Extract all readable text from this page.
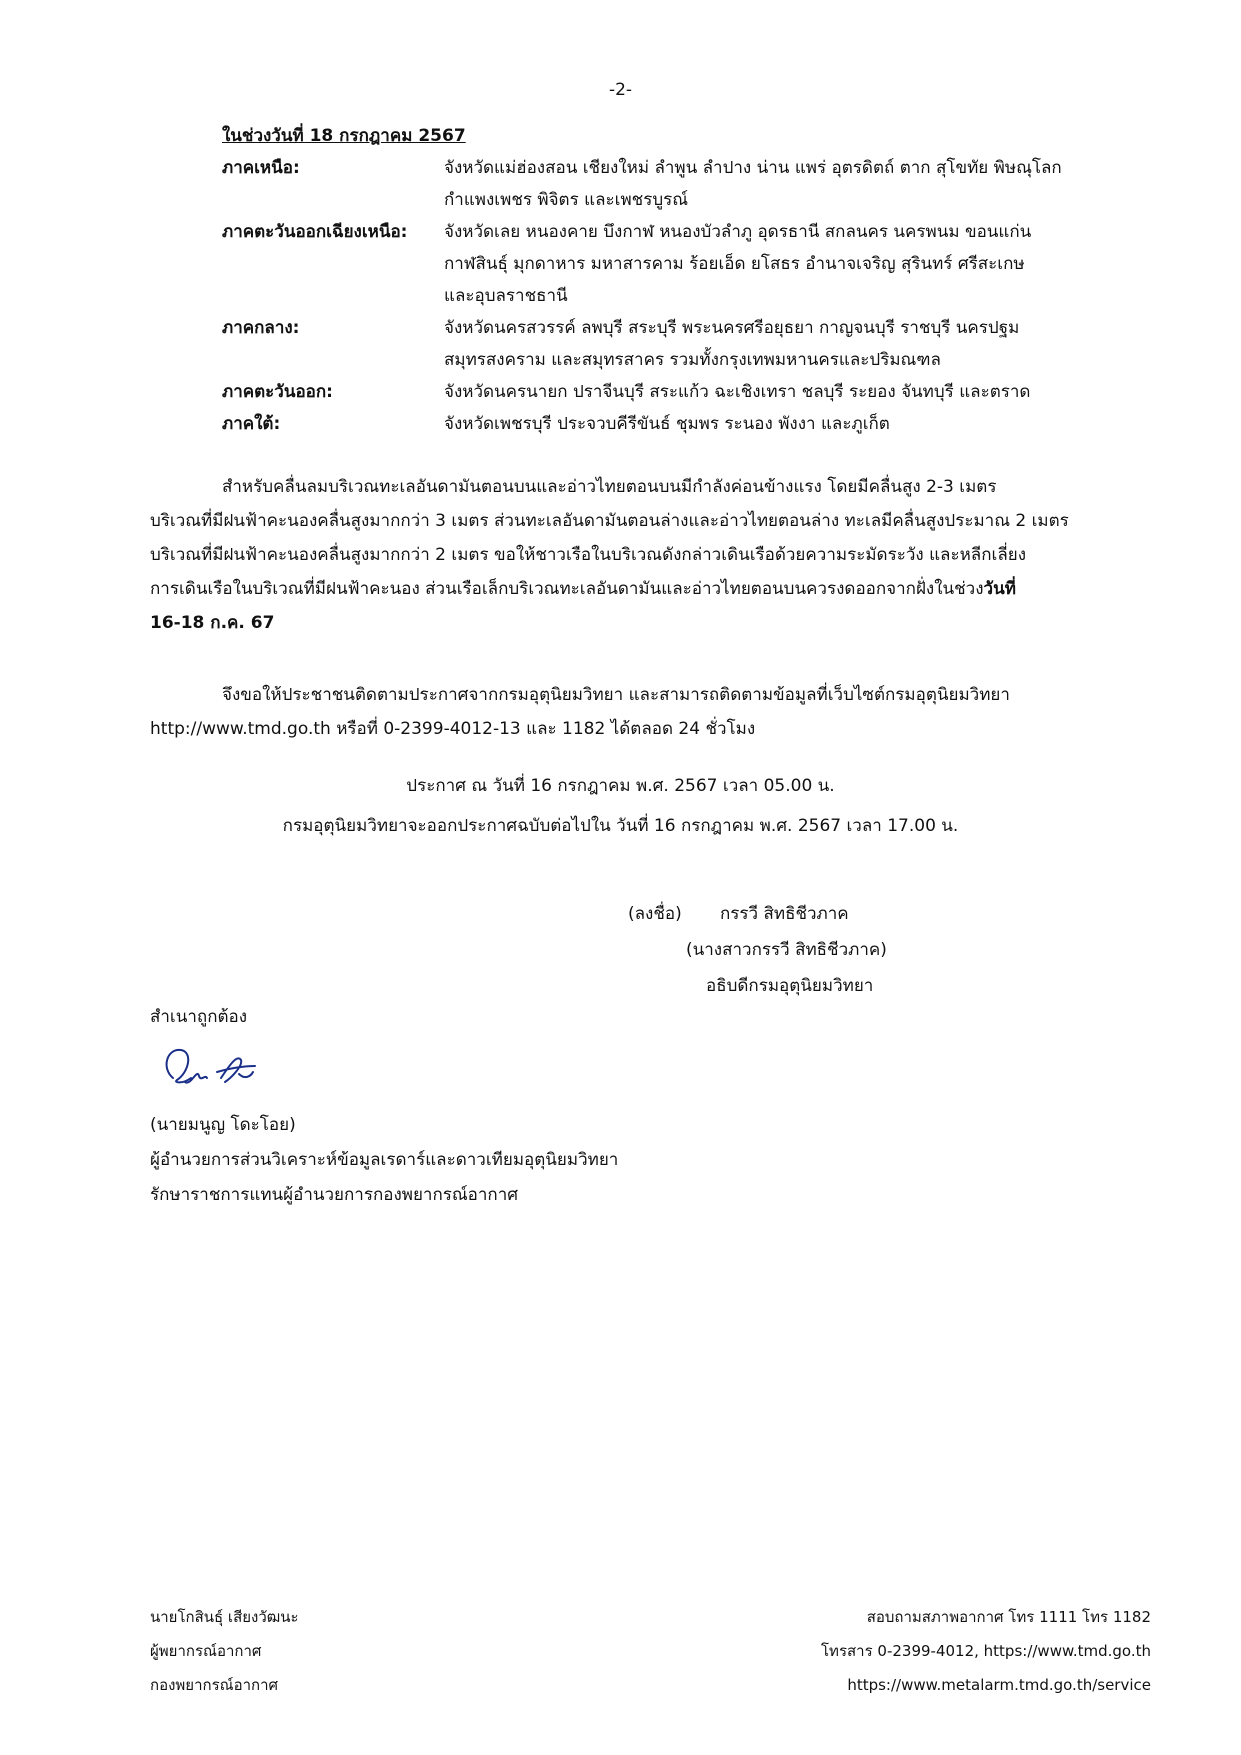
-2-
ในช่วงวันที่ 18 กรกฎาคม 2567
ภาคเหนือ:	จังหวัดแม่ฮ่องสอน เชียงใหม่ ลำพูน ลำปาง น่าน แพร่ อุตรดิตถ์ ตาก สุโขทัย พิษณุโลก
กำแพงเพชร พิจิตร และเพชรบูรณ์
ภาคตะวันออกเฉียงเหนือ:	จังหวัดเลย หนองคาย บึงกาฬ หนองบัวลำภู อุดรธานี สกลนคร นครพนม ขอนแก่น
กาฬสินธุ์ มุกดาหาร มหาสารคาม ร้อยเอ็ด ยโสธร อำนาจเจริญ สุรินทร์ ศรีสะเกษ
และอุบลราชธานี
ภาคกลาง:	จังหวัดนครสวรรค์ ลพบุรี สระบุรี พระนครศรีอยุธยา กาญจนบุรี ราชบุรี นครปฐม
สมุทรสงคราม และสมุทรสาคร รวมทั้งกรุงเทพมหานครและปริมณฑล
ภาคตะวันออก:	จังหวัดนครนายก ปราจีนบุรี สระแก้ว ฉะเชิงเทรา ชลบุรี ระยอง จันทบุรี และตราด
ภาคใต้:	จังหวัดเพชรบุรี ประจวบคีรีขันธ์ ชุมพร ระนอง พังงา และภูเก็ต
สำหรับคลื่นลมบริเวณทะเลอันดามันตอนบนและอ่าวไทยตอนบนมีกำลังค่อนข้างแรง โดยมีคลื่นสูง 2-3 เมตร
บริเวณที่มีฝนฟ้าคะนองคลื่นสูงมากกว่า 3 เมตร ส่วนทะเลอันดามันตอนล่างและอ่าวไทยตอนล่าง ทะเลมีคลื่นสูงประมาณ 2 เมตร
บริเวณที่มีฝนฟ้าคะนองคลื่นสูงมากกว่า 2 เมตร ขอให้ชาวเรือในบริเวณดังกล่าวเดินเรือด้วยความระมัดระวัง และหลีกเลี่ยง
การเดินเรือในบริเวณที่มีฝนฟ้าคะนอง ส่วนเรือเล็กบริเวณทะเลอันดามันและอ่าวไทยตอนบนควรงดออกจากฝั่งในช่วงวันที่
16-18 ก.ค. 67
จึงขอให้ประชาชนติดตามประกาศจากกรมอุตุนิยมวิทยา และสามารถติดตามข้อมูลที่เว็บไซต์กรมอุตุนิยมวิทยา
http://www.tmd.go.th หรือที่ 0-2399-4012-13 และ 1182 ได้ตลอด 24 ชั่วโมง
ประกาศ ณ วันที่ 16 กรกฎาคม พ.ศ. 2567 เวลา 05.00 น.
กรมอุตุนิยมวิทยาจะออกประกาศฉบับต่อไปใน วันที่ 16 กรกฎาคม พ.ศ. 2567 เวลา 17.00 น.
(ลงชื่อ) กรรวี สิทธิชีวภาค
(นางสาวกรรวี สิทธิชีวภาค)
อธิบดีกรมอุตุนิยมวิทยา
สำเนาถูกต้อง
(นายมนูญ โดะโอย)
ผู้อำนวยการส่วนวิเคราะห์ข้อมูลเรดาร์และดาวเทียมอุตุนิยมวิทยา
รักษาราชการแทนผู้อำนวยการกองพยากรณ์อากาศ
นายโกสินธุ์ เสียงวัฒนะ
ผู้พยากรณ์อากาศ
กองพยากรณ์อากาศ
สอบถามสภาพอากาศ โทร 1111 โทร 1182
โทรสาร 0-2399-4012, https://www.tmd.go.th
https://www.metalarm.tmd.go.th/service
